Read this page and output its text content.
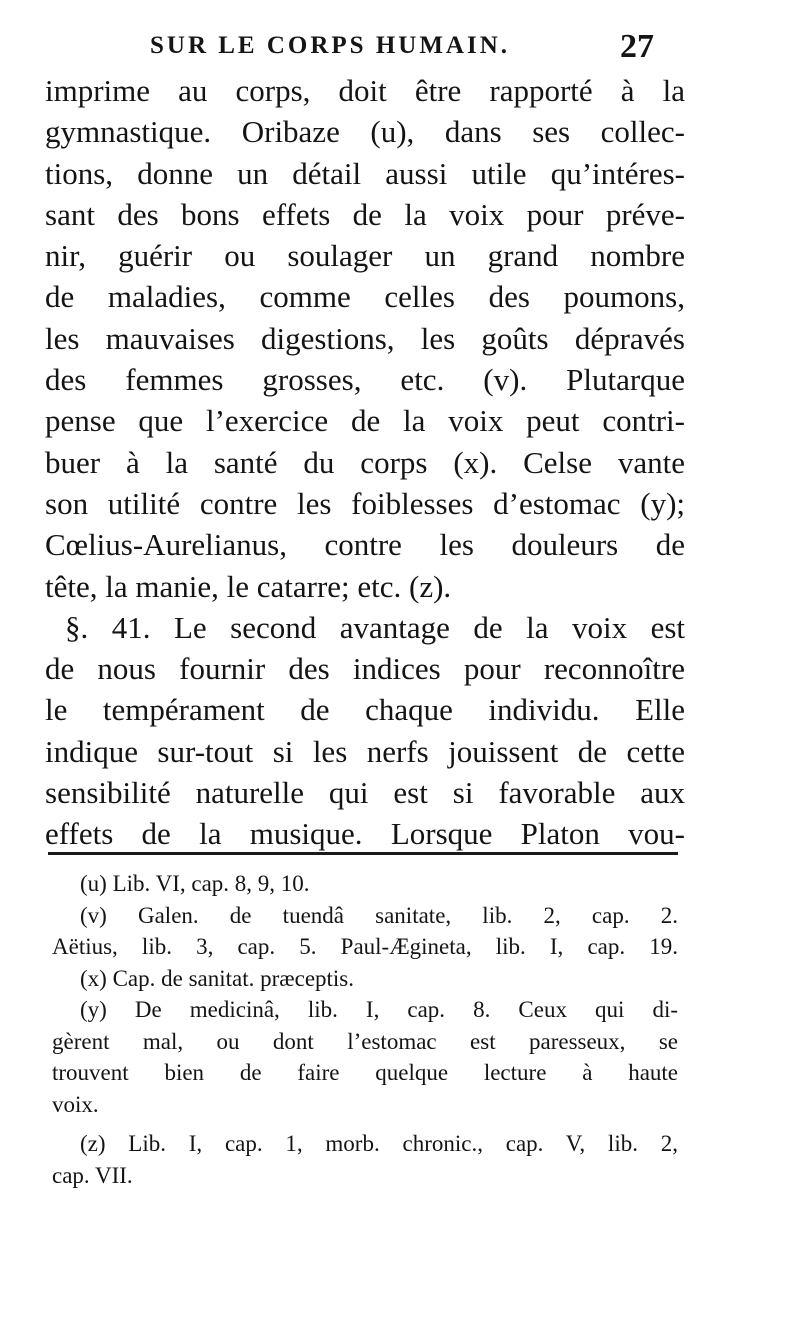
SUR LE CORPS HUMAIN.	27
imprime au corps, doit être rapporté à la
gymnastique. Oribaze (u), dans ses collec-
tions, donne un détail aussi utile qu’intéres-
sant des bons effets de la voix pour préve-
nir, guérir ou soulager un grand nombre
de maladies, comme celles des poumons,
les mauvaises digestions, les goûts dépravés
des femmes grosses, etc. (v). Plutarque
pense que l’exercice de la voix peut contri-
buer à la santé du corps (x). Celse vante
son utilité contre les foiblesses d’estomac (y);
Cœlius-Aurelianus, contre les douleurs de
tête, la manie, le catarre; etc. (z).
§. 41. Le second avantage de la voix est
de nous fournir des indices pour reconnoître
le tempérament de chaque individu. Elle
indique sur-tout si les nerfs jouissent de cette
sensibilité naturelle qui est si favorable aux
effets de la musique. Lorsque Platon vou-
(u) Lib. VI, cap. 8, 9, 10.
(v) Galen. de tuendâ sanitate, lib. 2, cap. 2.
Aëtius, lib. 3, cap. 5. Paul-Ægineta, lib. I, cap. 19.
(x) Cap. de sanitat. præceptis.
(y) De medicinâ, lib. I, cap. 8. Ceux qui di-
gèrent mal, ou dont l’estomac est paresseux, se
trouvent bien de faire quelque lecture à haute
voix.
(z) Lib. I, cap. 1, morb. chronic., cap. V, lib. 2,
cap. VII.
